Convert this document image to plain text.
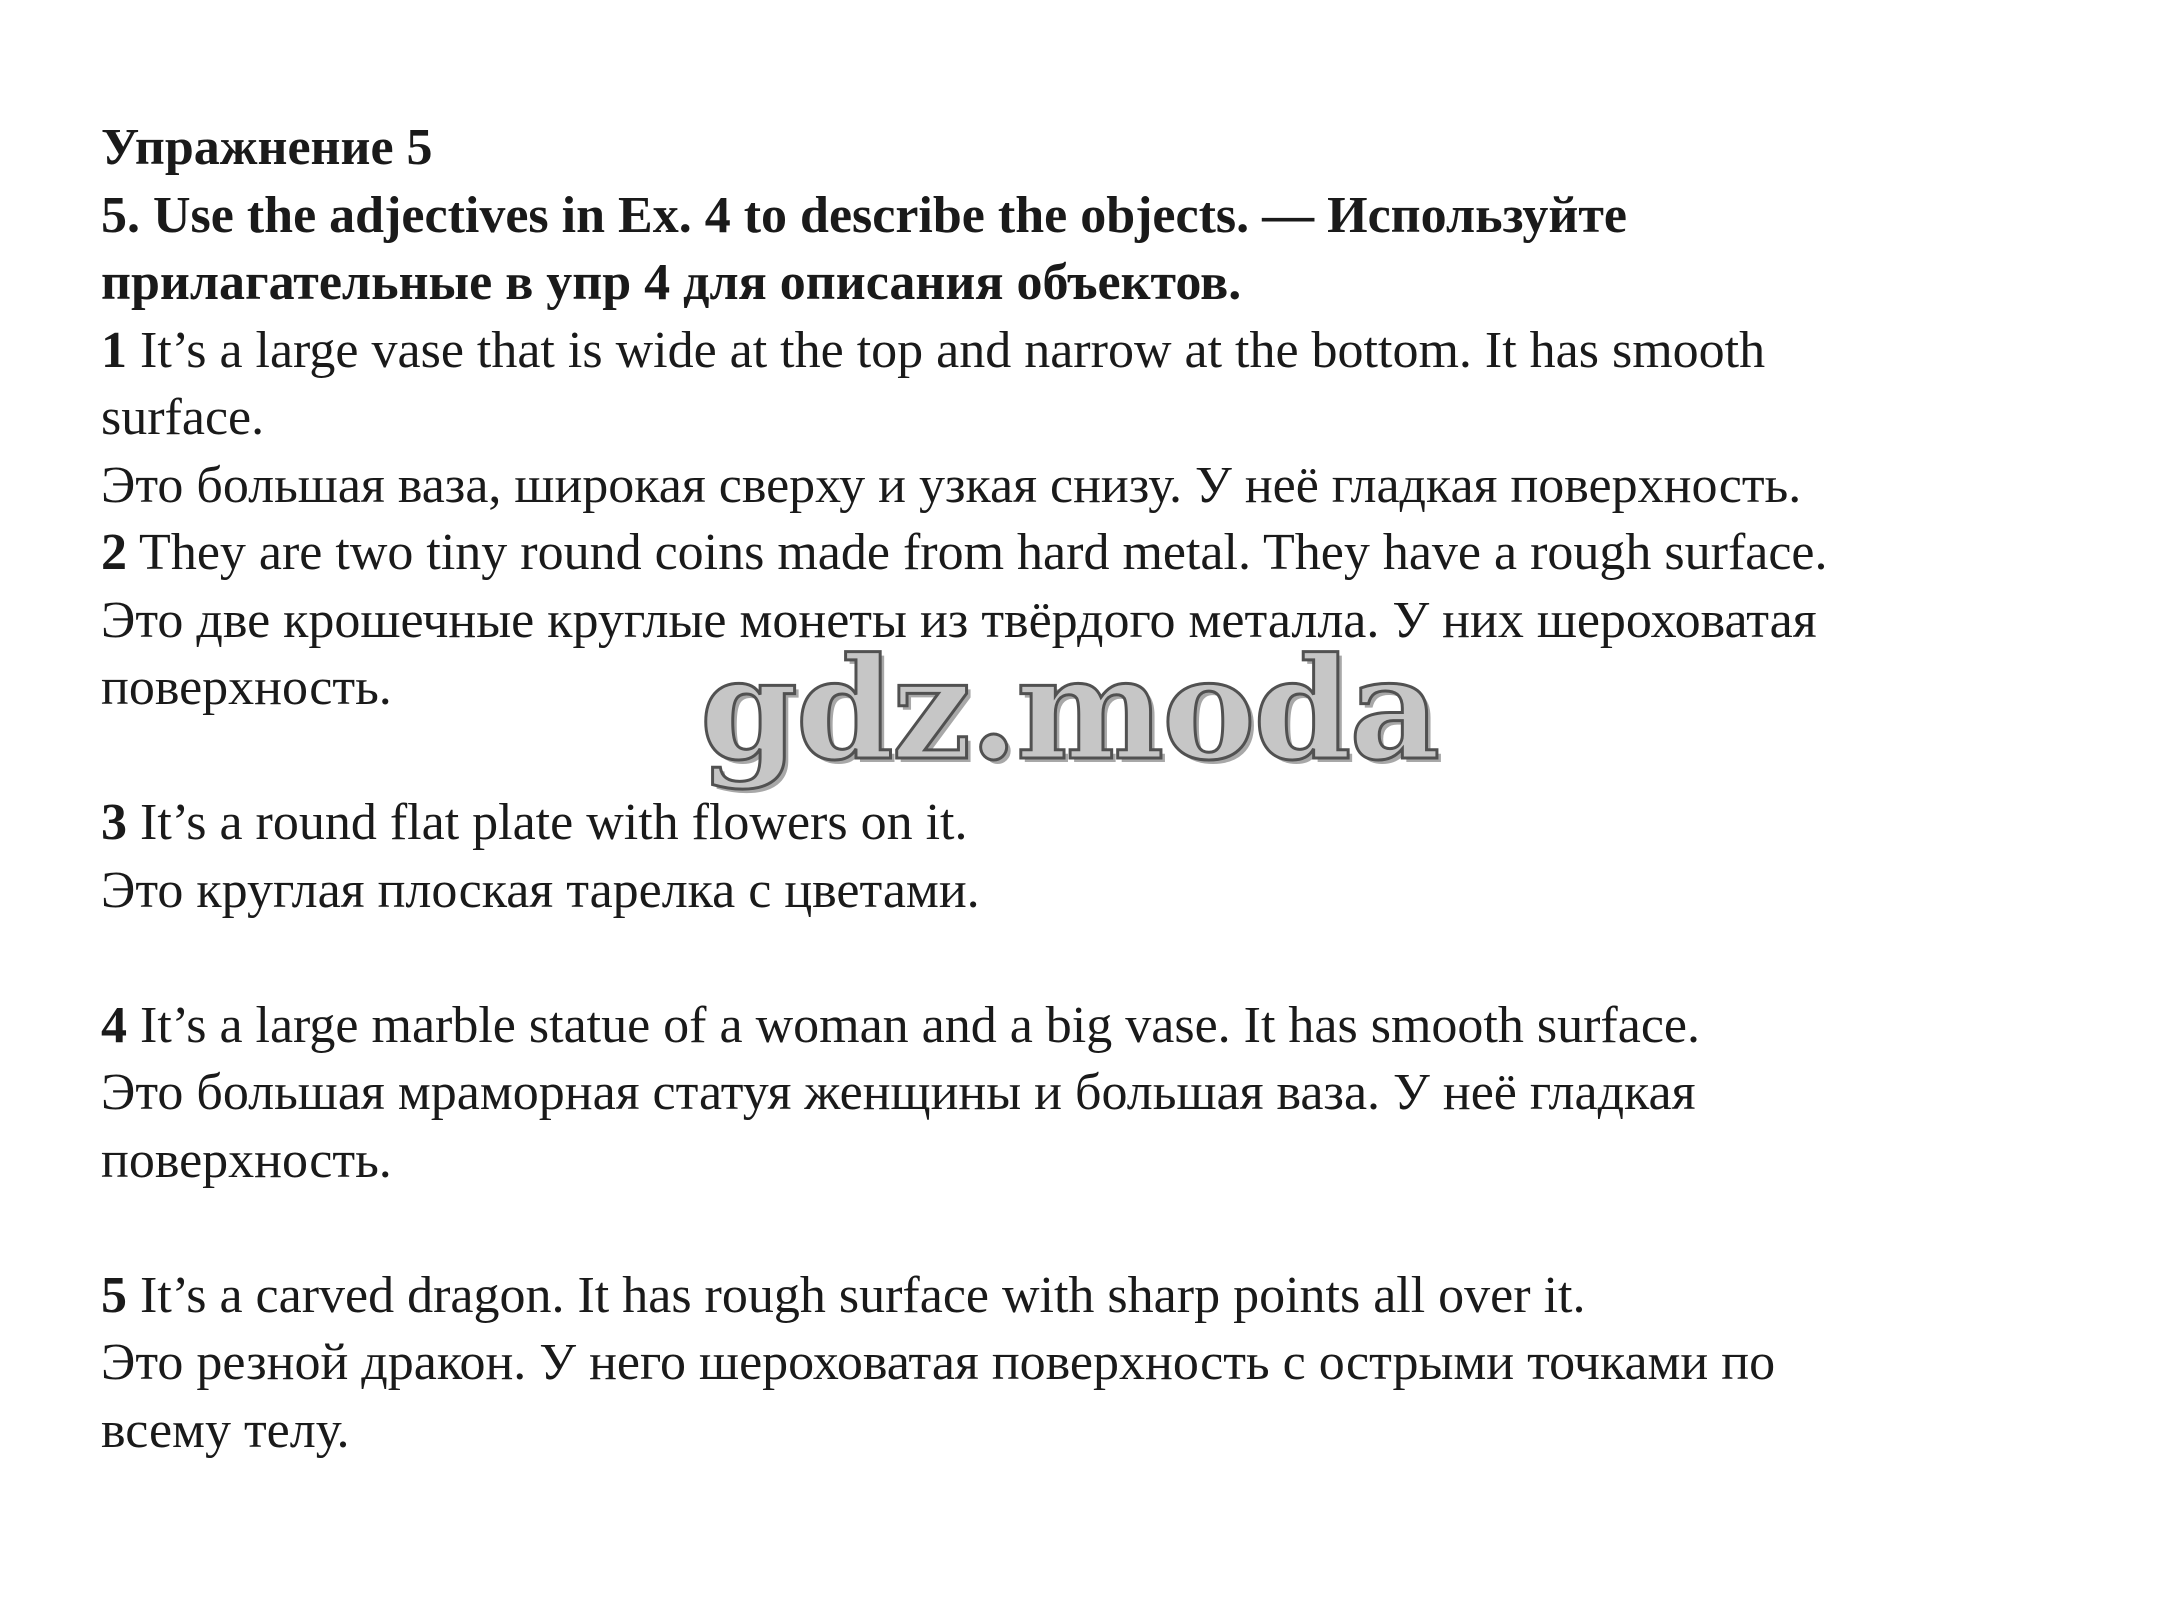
Упражнение 5
5. Use the adjectives in Ex. 4 to describe the objects. — Используйте
прилагательные в упр 4 для описания объектов.
1 It’s a large vase that is wide at the top and narrow at the bottom. It has smooth
surface.
Это большая ваза, широкая сверху и узкая снизу. У неё гладкая поверхность.
2 They are two tiny round coins made from hard metal. They have a rough surface.
Это две крошечные круглые монеты из твёрдого металла. У них шероховатая
поверхность.
3 It’s a round flat plate with flowers on it.
Это круглая плоская тарелка с цветами.
4 It’s a large marble statue of a woman and a big vase. It has smooth surface.
Это большая мраморная статуя женщины и большая ваза. У неё гладкая
поверхность.
5 It’s a carved dragon. It has rough surface with sharp points all over it.
Это резной дракон. У него шероховатая поверхность с острыми точками по
всему телу.
gdz.moda
